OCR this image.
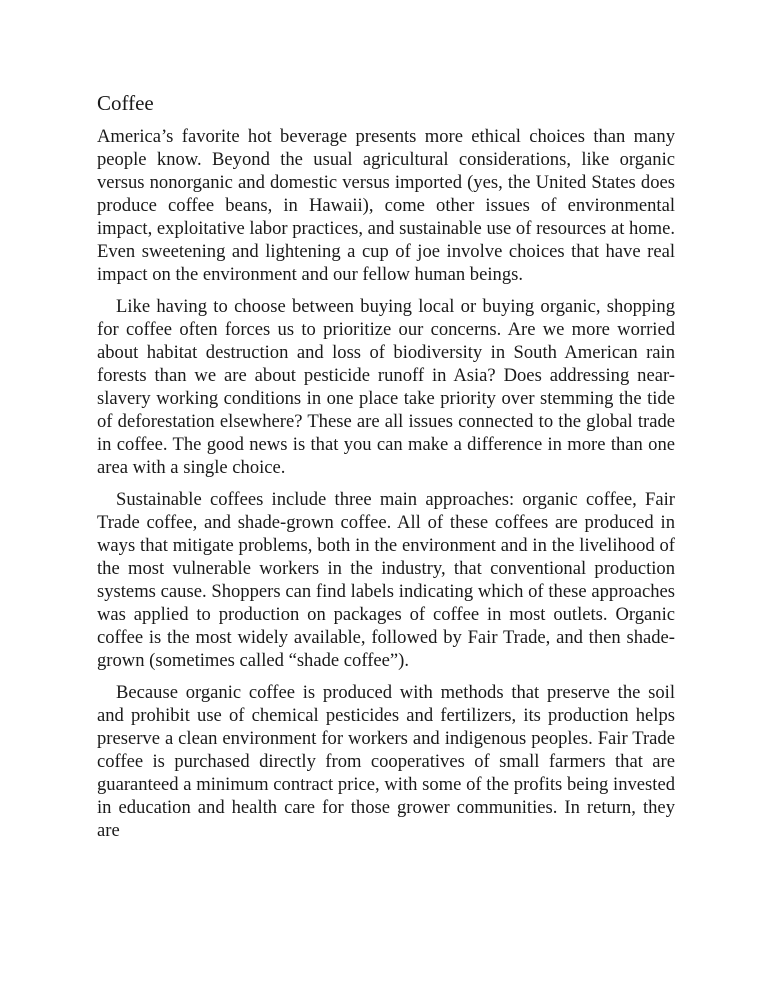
Coffee

America’s favorite hot beverage presents more ethical choices than many people know. Beyond the usual agricultural considerations, like organic versus nonorganic and domestic versus imported (yes, the United States does produce coffee beans, in Hawaii), come other issues of environmental impact, exploitative labor practices, and sustainable use of resources at home. Even sweetening and lightening a cup of joe involve choices that have real impact on the environment and our fellow human beings.

Like having to choose between buying local or buying organic, shopping for coffee often forces us to prioritize our concerns. Are we more worried about habitat destruction and loss of biodiversity in South American rain forests than we are about pesticide runoff in Asia? Does addressing near-slavery working conditions in one place take priority over stemming the tide of deforestation elsewhere? These are all issues connected to the global trade in coffee. The good news is that you can make a difference in more than one area with a single choice.

Sustainable coffees include three main approaches: organic coffee, Fair Trade coffee, and shade-grown coffee. All of these coffees are produced in ways that mitigate problems, both in the environment and in the livelihood of the most vulnerable workers in the industry, that conventional production systems cause. Shoppers can find labels indicating which of these approaches was applied to production on packages of coffee in most outlets. Organic coffee is the most widely available, followed by Fair Trade, and then shade-grown (sometimes called “shade coffee”).

Because organic coffee is produced with methods that preserve the soil and prohibit use of chemical pesticides and fertilizers, its production helps preserve a clean environment for workers and indigenous peoples. Fair Trade coffee is purchased directly from cooperatives of small farmers that are guaranteed a minimum contract price, with some of the profits being invested in education and health care for those grower communities. In return, they are
